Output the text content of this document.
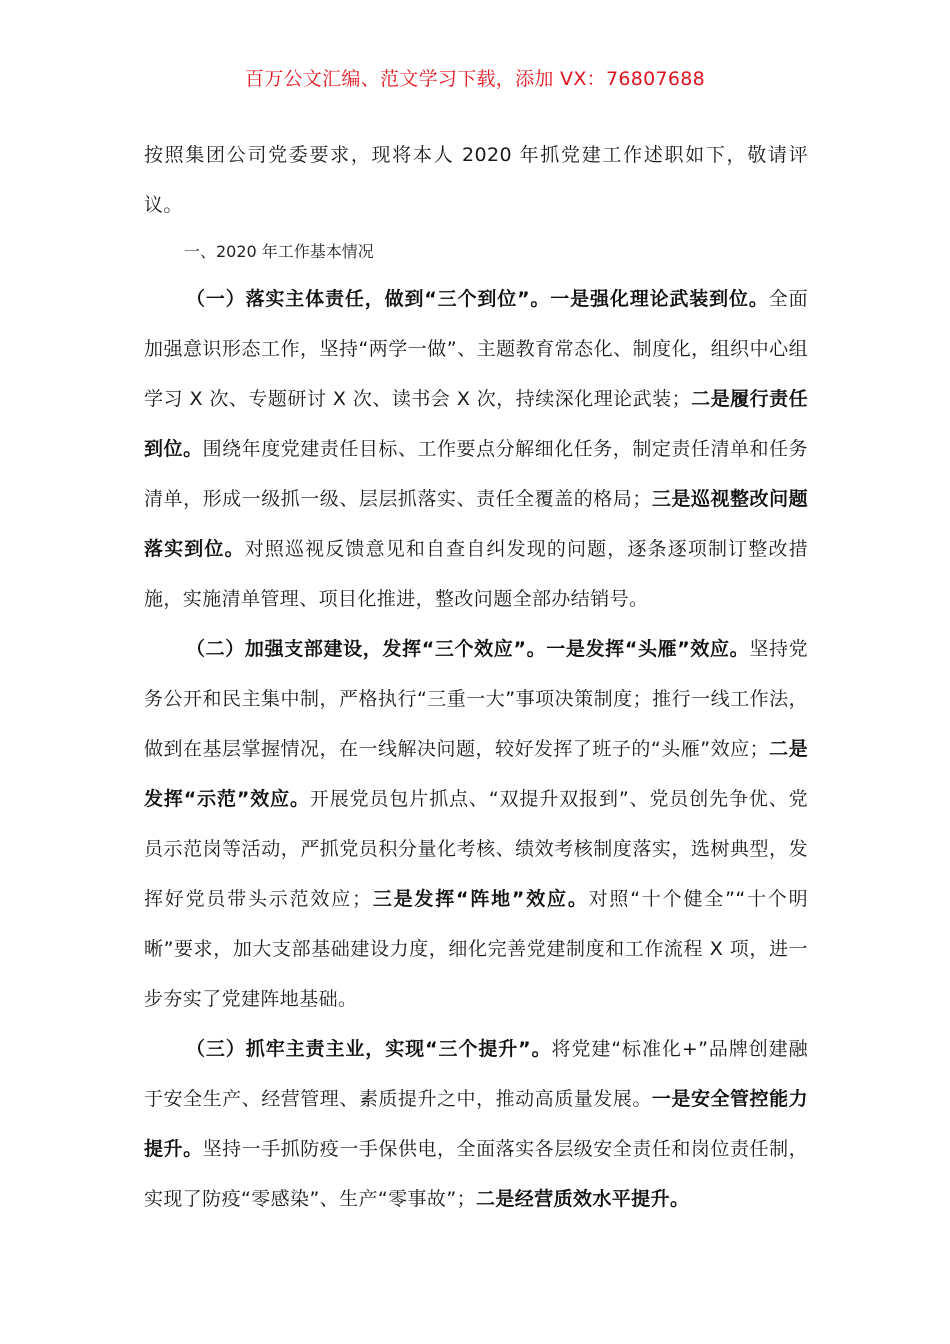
百万公文汇编、范文学习下载，添加 VX：76807688

按照集团公司党委要求，现将本人 2020 年抓党建工作述职如下，敬请评议。

一、2020 年工作基本情况

（一）落实主体责任，做到“三个到位”。一是强化理论武装到位。全面加强意识形态工作，坚持“两学一做”、主题教育常态化、制度化，组织中心组学习 X 次、专题研讨 X 次、读书会 X 次，持续深化理论武装；二是履行责任到位。围绕年度党建责任目标、工作要点分解细化任务，制定责任清单和任务清单，形成一级抓一级、层层抓落实、责任全覆盖的格局；三是巡视整改问题落实到位。对照巡视反馈意见和自查自纠发现的问题，逐条逐项制订整改措施，实施清单管理、项目化推进，整改问题全部办结销号。

（二）加强支部建设，发挥“三个效应”。一是发挥“头雁”效应。坚持党务公开和民主集中制，严格执行“三重一大”事项决策制度；推行一线工作法，做到在基层掌握情况，在一线解决问题，较好发挥了班子的“头雁”效应；二是发挥“示范”效应。开展党员包片抓点、“双提升双报到”、党员创先争优、党员示范岗等活动，严抓党员积分量化考核、绩效考核制度落实，选树典型，发挥好党员带头示范效应；三是发挥“阵地”效应。对照“十个健全”“十个明晰”要求，加大支部基础建设力度，细化完善党建制度和工作流程 X 项，进一步夯实了党建阵地基础。

（三）抓牢主责主业，实现“三个提升”。将党建“标准化+”品牌创建融于安全生产、经营管理、素质提升之中，推动高质量发展。一是安全管控能力提升。坚持一手抓防疫一手保供电，全面落实各层级安全责任和岗位责任制，实现了防疫“零感染”、生产“零事故”；二是经营质效水平提升。
